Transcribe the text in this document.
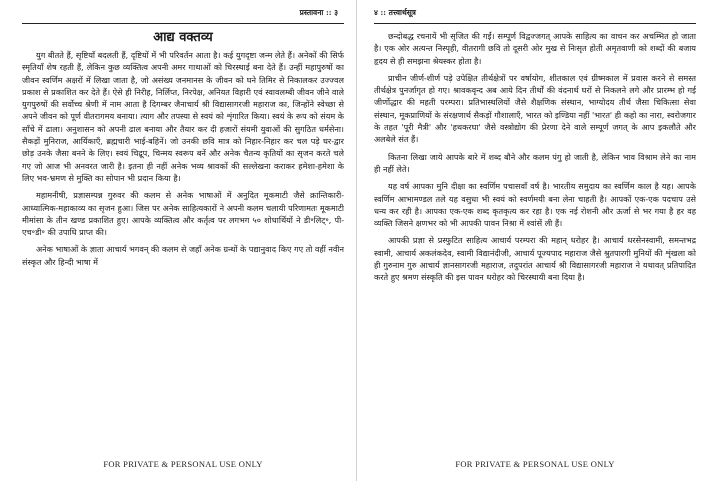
प्रस्तावना :: ३
आद्य वक्तव्य

युग बीतते हैं, सृष्टियाँ बदलती हैं, दृष्टियों में भी परिवर्तन आता है। कई युगदृष्टा जन्म लेते हैं। अनेकों की सिर्फ स्मृतियाँ शेष रहती हैं, लेकिन कुछ व्यक्तित्व अपनी अमर गाथाओं को चिरस्थाई बना देते हैं। उन्हीं महापुरुषों का जीवन स्वर्णिम अक्षरों में लिखा जाता है, जो असंख्य जनमानस के जीवन को घने तिमिर से निकालकर उज्ज्वल प्रकाश से प्रकाशित कर देते हैं। ऐसे ही निरीह, निर्लिप्त, निरपेक्ष, अनियत विहारी एवं स्वावलम्बी जीवन जीने वाले युगपुरुषों की सर्वोच्च श्रेणी में नाम आता है दिगम्बर जैनाचार्य श्री विद्यासागरजी महाराज का, जिन्होंने स्वेच्छा से अपने जीवन को पूर्ण वीतरागमय बनाया। त्याग और तपस्या से स्वयं को शृंगारित किया। स्वयं के रूप को संयम के साँचे में ढाला। अनुशासन को अपनी ढाल बनाया और तैयार कर दी हजारों संयमी युवाओं की सुगठित धर्मसेना। सैकड़ों मुनिराज, आर्यिकाएँ, ब्रह्मचारी भाई-बहिनें। जो उनकी छवि मात्र को निहार-निहार कर चल पड़े घर-द्वार छोड़ उनके जैसा बनने के लिए। स्वयं चिद्रूप, चिन्मय स्वरूप बनें और अनेक चैतन्य कृतियों का सृजन करते चले गए जो आज भी अनवरत जारी है। इतना ही नहीं अनेक भव्य श्रावकों की सल्लेखना कराकर हमेशा-हमेशा के लिए भव-भ्रमण से मुक्ति का सोपान भी प्रदान किया है।

महामनीषी, प्रज्ञासम्पन्न गुरुवर की कलम से अनेक भाषाओं में अनुदित मूकमाटी जैसे क्रान्तिकारी-आध्यात्मिक-महाकाव्य का सृजन हुआ। जिस पर अनेक साहित्यकारों ने अपनी कलम चलायी परिणामतः मूकमाटी मीमांसा के तीन खण्ड प्रकाशित हुए। आपके व्यक्तित्व और कर्तृत्व पर लगभग ५० शोधार्थियों ने डी॰लिट्॰, पी-एच॰डी॰ की उपाधि प्राप्त की।

अनेक भाषाओं के ज्ञाता आचार्य भगवन् की कलम से जहाँ अनेक ग्रन्थों के पद्यानुवाद किए गए तो वहीं नवीन संस्कृत और हिन्दी भाषा में

FOR PRIVATE & PERSONAL USE ONLY
४ :: तत्त्वार्थसूत्र

छन्दोबद्ध रचनायें भी सृजित की गईं। सम्पूर्ण विद्वज्जगत् आपके साहित्य का वाचन कर अचम्भित हो जाता है। एक ओर अत्यन्त निस्पृही, वीतरागी छवि तो दूसरी ओर मुख से निःसृत होती अमृतवाणी को शब्दों की बजाय हृदय से ही समझना श्रेयस्कर होता है।

प्राचीन जीर्ण-शीर्ण पड़े उपेक्षित तीर्थक्षेत्रों पर वर्षायोग, शीतकाल एवं ग्रीष्मकाल में प्रवास करने से समस्त तीर्थक्षेत्र पुनर्जागृत हो गए। श्रावकवृन्द अब आये दिन तीर्थों की वंदनार्थ घरों से निकलने लगे और प्रारम्भ हो गई जीर्णोद्धार की महती परम्परा। प्रतिभास्थलियों जैसे शैक्षणिक संस्थान, भाग्योदय तीर्थ जैसा चिकित्सा सेवा संस्थान, मूकप्राणियों के संरक्षणार्थ सैकड़ों गौशालाएँ, भारत को इण्डिया नहीं 'भारत' ही कहो का नारा, स्वरोजगार के तहत 'पूरी मैत्री' और 'हथकरघा' जैसे वस्त्रोद्योग की प्रेरणा देने वाले सम्पूर्ण जगत् के आप इकलौते और अलबेले संत हैं।

कितना लिखा जाये आपके बारे में शब्द बौने और कलम पंगु हो जाती है, लेकिन भाव विश्राम लेने का नाम ही नहीं लेते।

यह वर्ष आपका मुनि दीक्षा का स्वर्णिम पचासवाँ वर्ष है। भारतीय समुदाय का स्वर्णिम काल है यह। आपके स्वर्णिम आभामण्डल तले यह वसुधा भी स्वयं को स्वर्णमयी बना लेना चाहती है। आपकों एक-एक पदचाप उसे धन्य कर रही है। आपका एक-एक शब्द कृतकृत्य कर रहा है। एक नई रोशनी और ऊर्जा से भर गया है हर वह व्यक्ति जिसने क्षणभर को भी आपकी पावन निश्रा में श्वांसें ली हैं।

आपकी प्रज्ञा से प्रस्फुटित साहित्य आचार्य परम्परा की महान् धरोहर है। आचार्य धरसेनस्वामी, समन्तभद्र स्वामी, आचार्य अकलंकदेव, स्वामी विद्यानंदीजी, आचार्य पूज्यपाद महाराज जैसे श्रुतपारगी मुनियों की शृंखला को ही गुरुनाम गुरु आचार्य ज्ञानसागरजी महाराज, तदुपरांत आचार्य श्री विद्यासागरजी महाराज ने यथावत् प्रतिपादित करते हुए श्रमण संस्कृति की इस पावन धरोहर को चिरस्थायी बना दिया है।

FOR PRIVATE & PERSONAL USE ONLY
